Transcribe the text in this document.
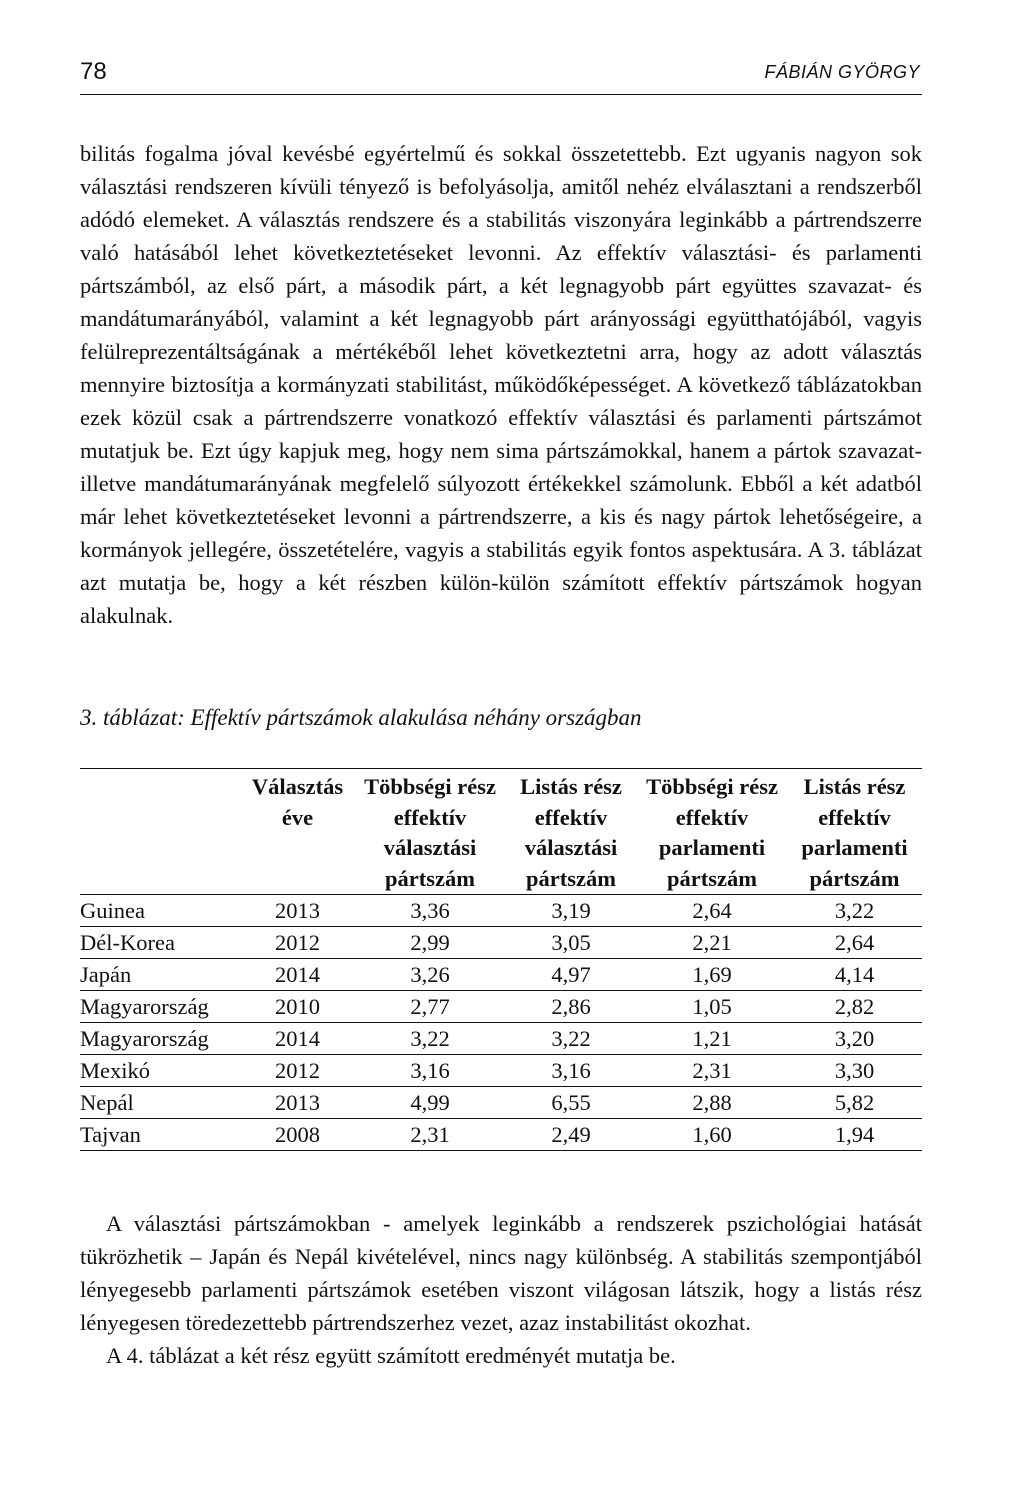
78	FÁBIÁN GYÖRGY

bilitás fogalma jóval kevésbé egyértelmű és sokkal összetettebb. Ezt ugyanis nagyon sok választási rendszeren kívüli tényező is befolyásolja, amitől nehéz elválasztani a rendszerből adódó elemeket. A választás rendszere és a stabilitás viszonyára leginkább a pártrendszerre való hatásából lehet következtetéseket levonni. Az effektív választási- és parlamenti pártszámból, az első párt, a második párt, a két legnagyobb párt együttes szavazat- és mandátumarányából, valamint a két legnagyobb párt arányossági együtthatójából, vagyis felülreprezentáltságának a mértékéből lehet következtetni arra, hogy az adott választás mennyire biztosítja a kormányzati stabilitást, működőképességet. A következő táblázatokban ezek közül csak a pártrendszerre vonatkozó effektív választási és parlamenti pártszámot mutatjuk be. Ezt úgy kapjuk meg, hogy nem sima pártszámokkal, hanem a pártok szavazat- illetve mandátumarányának megfelelő súlyozott értékekkel számolunk. Ebből a két adatból már lehet következtetéseket levonni a pártrendszerre, a kis és nagy pártok lehetőségeire, a kormányok jellegére, összetételére, vagyis a stabilitás egyik fontos aspektusára. A 3. táblázat azt mutatja be, hogy a két részben külön-külön számított effektív pártszámok hogyan alakulnak.

3. táblázat: Effektív pártszámok alakulása néhány országban
	Választás éve	Többségi rész effektív választási pártszám	Listás rész effektív választási pártszám	Többségi rész effektív parlamenti pártszám	Listás rész effektív parlamenti pártszám
Guinea	2013	3,36	3,19	2,64	3,22
Dél-Korea	2012	2,99	3,05	2,21	2,64
Japán	2014	3,26	4,97	1,69	4,14
Magyarország	2010	2,77	2,86	1,05	2,82
Magyarország	2014	3,22	3,22	1,21	3,20
Mexikó	2012	3,16	3,16	2,31	3,30
Nepál	2013	4,99	6,55	2,88	5,82
Tajvan	2008	2,31	2,49	1,60	1,94

A választási pártszámokban - amelyek leginkább a rendszerek pszichológiai hatását tükrözhetik – Japán és Nepál kivételével, nincs nagy különbség. A stabilitás szempontjából lényegesebb parlamenti pártszámok esetében viszont világosan látszik, hogy a listás rész lényegesen töredezettebb pártrendszerhez vezet, azaz instabilitást okozhat.

A 4. táblázat a két rész együtt számított eredményét mutatja be.
